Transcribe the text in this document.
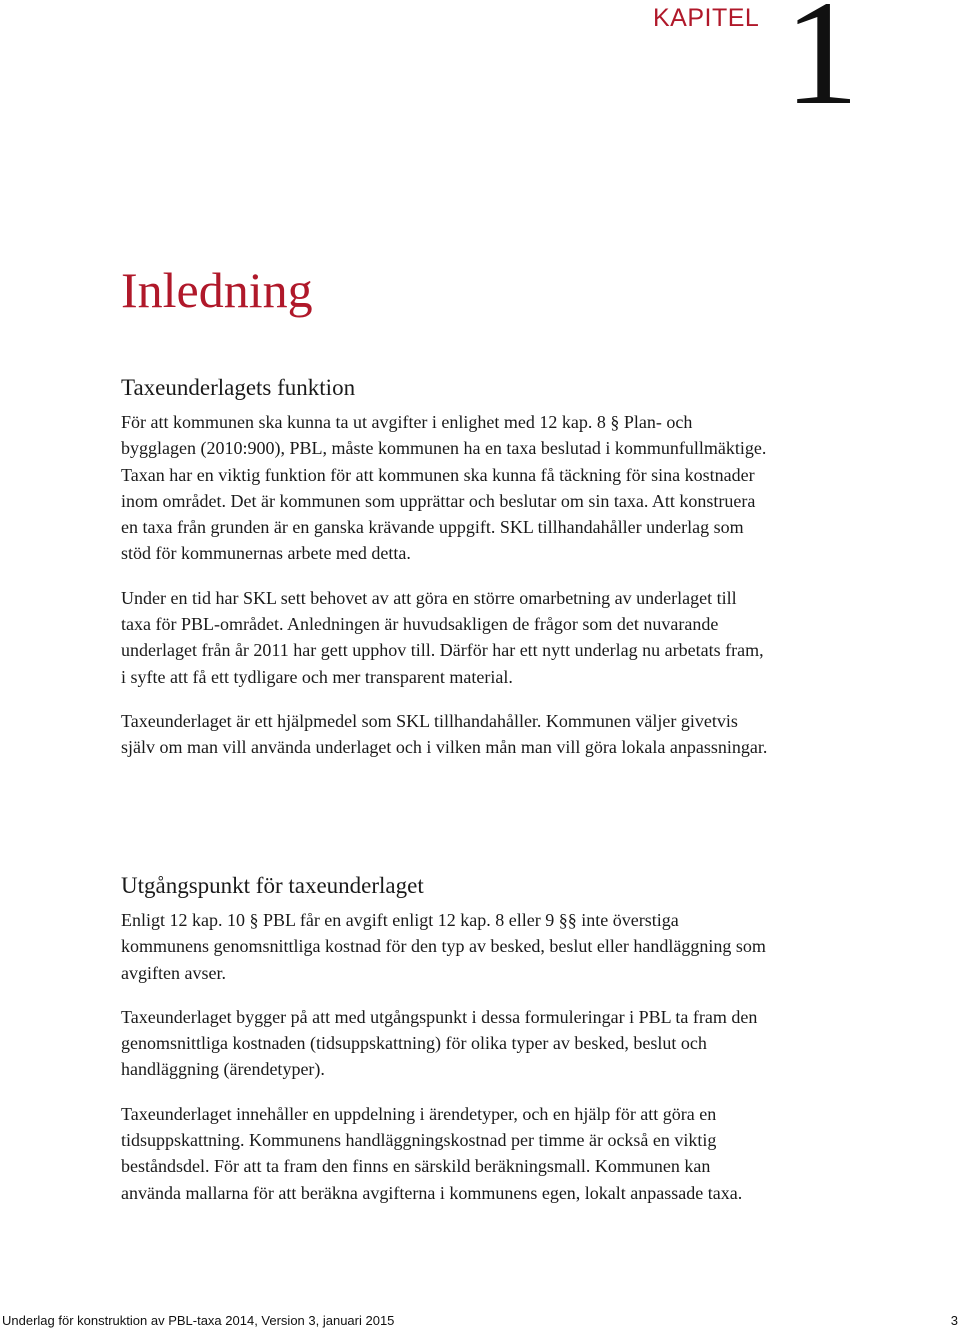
KAPITEL 1
Inledning
Taxeunderlagets funktion

För att kommunen ska kunna ta ut avgifter i enlighet med 12 kap. 8 § Plan- och bygglagen (2010:900), PBL, måste kommunen ha en taxa beslutad i kommunfullmäktige. Taxan har en viktig funktion för att kommunen ska kunna få täckning för sina kostnader inom området. Det är kommunen som upprättar och beslutar om sin taxa. Att konstruera en taxa från grunden är en ganska krävande uppgift. SKL tillhandahåller underlag som stöd för kommunernas arbete med detta.

Under en tid har SKL sett behovet av att göra en större omarbetning av underlaget till taxa för PBL-området. Anledningen är huvudsakligen de frågor som det nuvarande underlaget från år 2011 har gett upphov till. Därför har ett nytt underlag nu arbetats fram, i syfte att få ett tydligare och mer transparent material.

Taxeunderlaget är ett hjälpmedel som SKL tillhandahåller. Kommunen väljer givetvis själv om man vill använda underlaget och i vilken mån man vill göra lokala anpassningar.

Utgångspunkt för taxeunderlaget

Enligt 12 kap. 10 § PBL får en avgift enligt 12 kap. 8 eller 9 §§ inte överstiga kommunens genomsnittliga kostnad för den typ av besked, beslut eller handläggning som avgiften avser.

Taxeunderlaget bygger på att med utgångspunkt i dessa formuleringar i PBL ta fram den genomsnittliga kostnaden (tidsuppskattning) för olika typer av besked, beslut och handläggning (ärendetyper).

Taxeunderlaget innehåller en uppdelning i ärendetyper, och en hjälp för att göra en tidsuppskattning. Kommunens handläggningskostnad per timme är också en viktig beståndsdel. För att ta fram den finns en särskild beräkningsmall. Kommunen kan använda mallarna för att beräkna avgifterna i kommunens egen, lokalt anpassade taxa.

Underlag för konstruktion av PBL-taxa 2014, Version 3, januari 2015	3
